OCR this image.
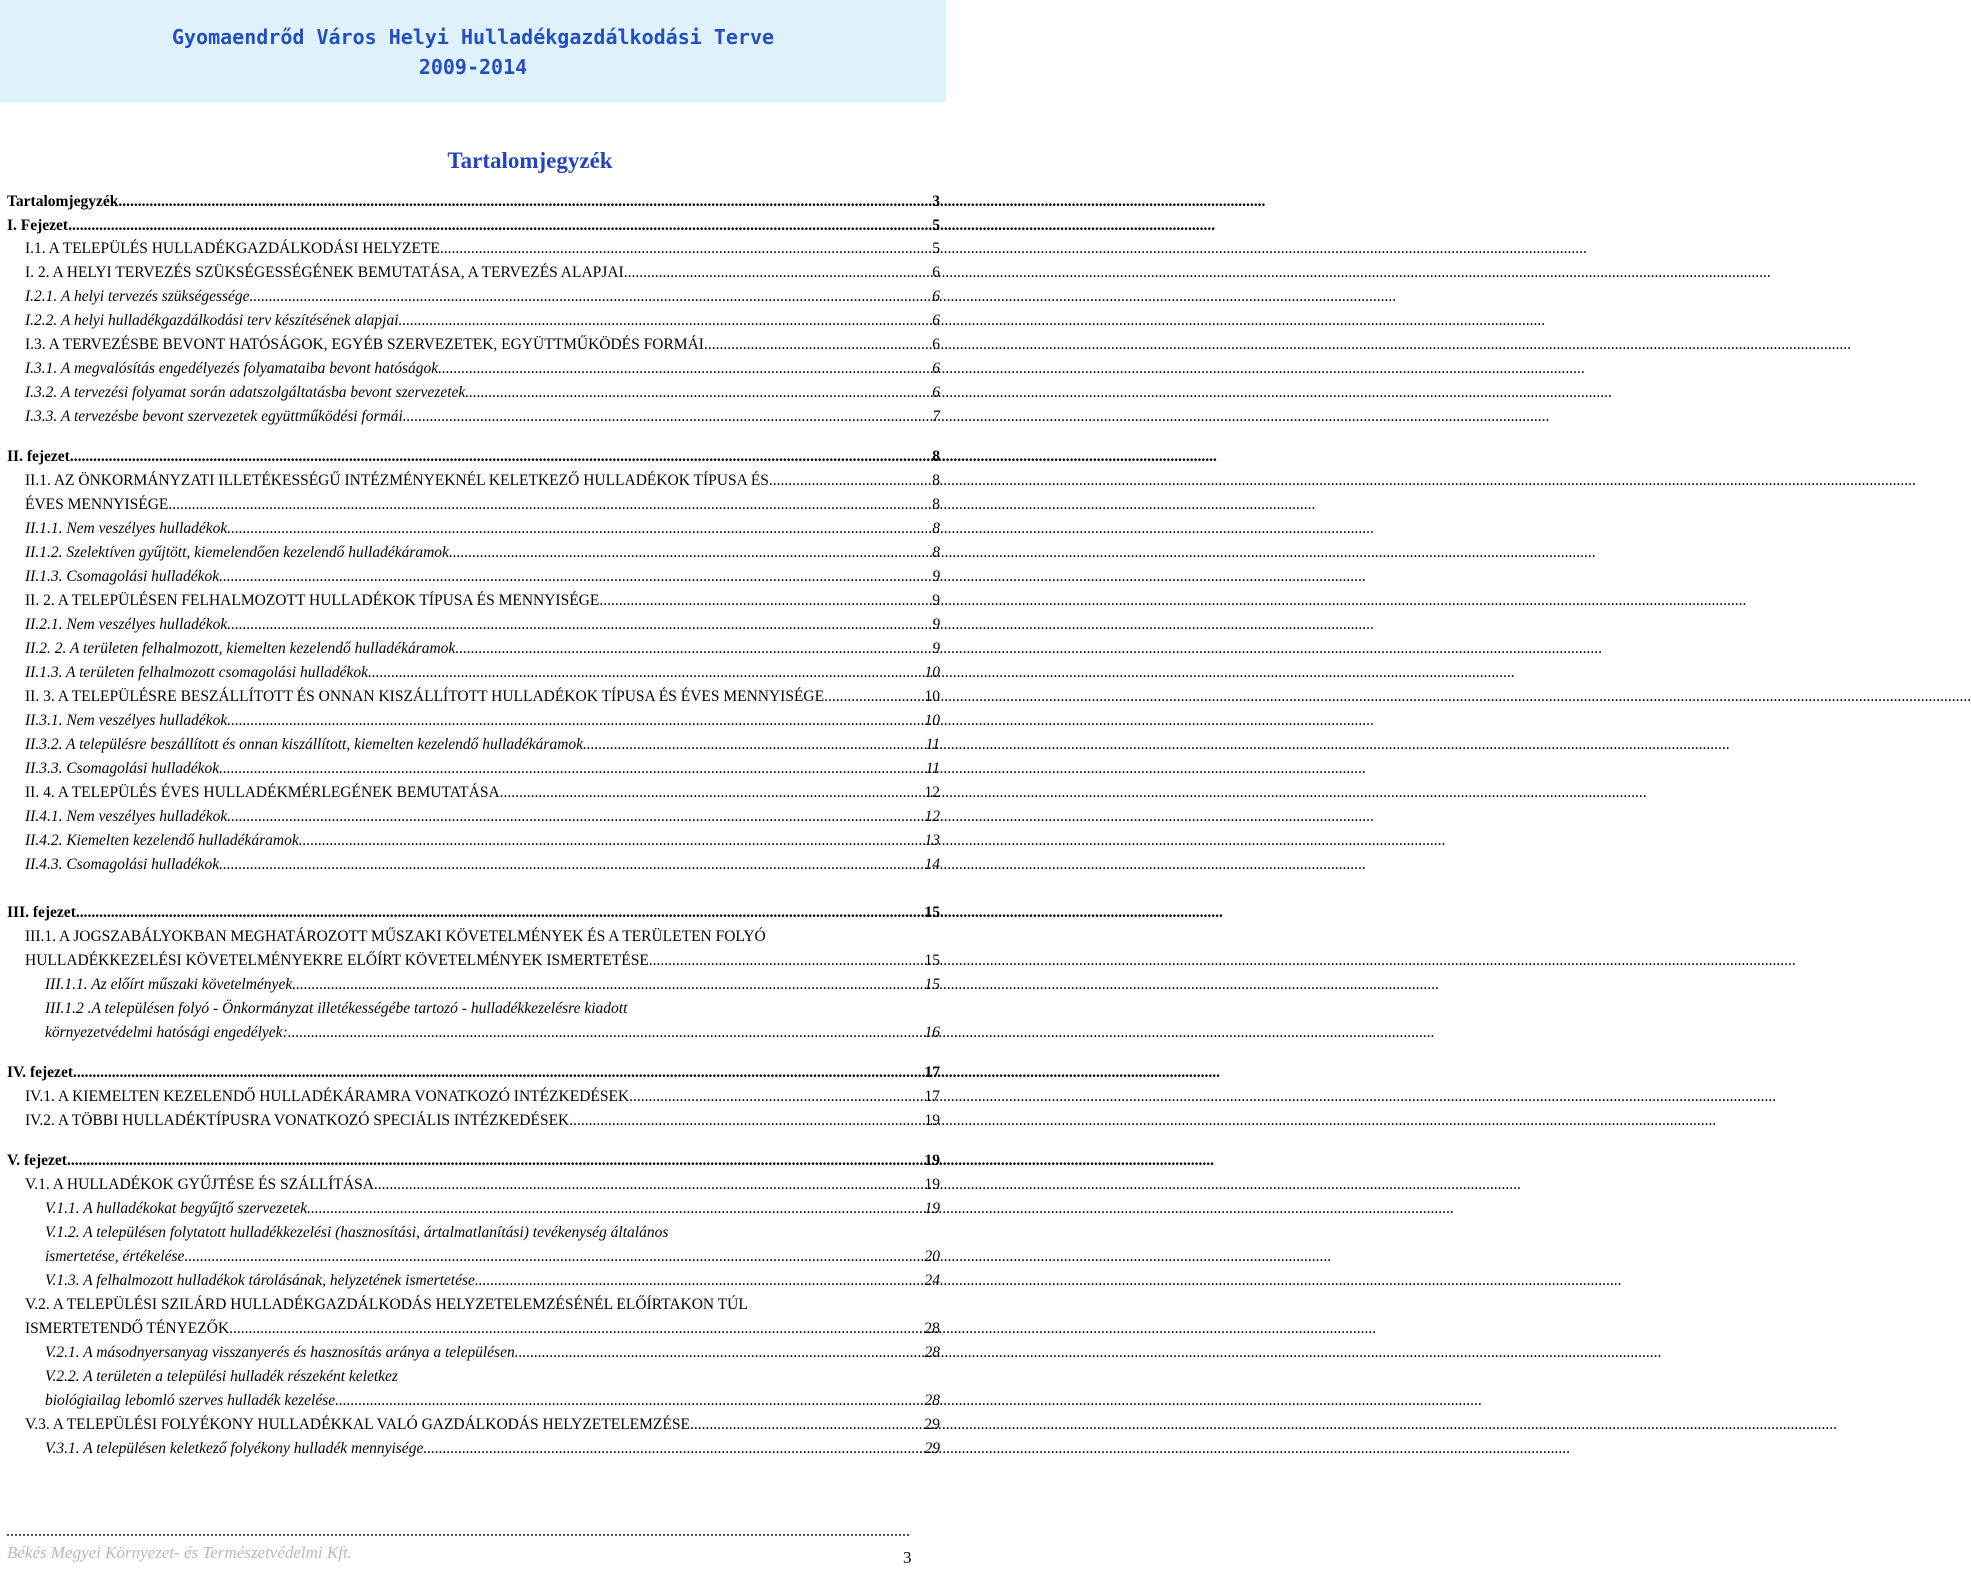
Gyomaendrőd Város Helyi Hulladékgazdálkodási Terve
2009-2014
Tartalomjegyzék
Tartalomjegyzék .....	3
I. Fejezet .....	5
I.1. A TELEPÜLÉS HULLADÉKGAZDÁLKODÁSI HELYZETE .....	5
I. 2. A HELYI TERVEZÉS SZÜKSÉGESSÉGÉNEK BEMUTATÁSA, A TERVEZÉS ALAPJAI .....	6
I.2.1. A helyi tervezés szükségessége .....	6
I.2.2. A helyi hulladékgazdálkodási terv készítésének alapjai .....	6
I.3. A TERVEZÉSBE BEVONT HATÓSÁGOK, EGYÉB SZERVEZETEK, EGYÜTTMŰKÖDÉS FORMÁI .....	6
I.3.1. A megvalósítás engedélyezés folyamataiba bevont hatóságok .....	6
I.3.2. A tervezési folyamat során adatszolgáltatásba bevont szervezetek .....	6
I.3.3. A tervezésbe bevont szervezetek együttműködési formái .....	7
II. fejezet .....	8
II.1. AZ ÖNKORMÁNYZATI ILLETÉKESSÉGŰ INTÉZMÉNYEKNÉL KELETKEZŐ HULLADÉKOK TÍPUSA ÉS .....	8
ÉVES MENNYISÉGE .....	8
II.1.1. Nem veszélyes hulladékok .....	8
II.1.2. Szelektíven gyűjtött, kiemelendően kezelendő hulladékáramok .....	8
II.1.3. Csomagolási hulladékok .....	9
II. 2. A TELEPÜLÉSEN FELHALMOZOTT HULLADÉKOK TÍPUSA ÉS MENNYISÉGE .....	9
II.2.1. Nem veszélyes hulladékok .....	9
II.2. 2. A területen felhalmozott, kiemelten kezelendő hulladékáramok .....	9
II.1.3. A területen felhalmozott csomagolási hulladékok .....	10
II. 3. A TELEPÜLÉSRE BESZÁLLÍTOTT ÉS ONNAN KISZÁLLÍTOTT HULLADÉKOK TÍPUSA ÉS ÉVES MENNYISÉGE .....	10
II.3.1. Nem veszélyes hulladékok .....	10
II.3.2. A településre beszállított és onnan kiszállított, kiemelten kezelendő hulladékáramok .....	11
II.3.3. Csomagolási hulladékok .....	11
II. 4. A TELEPÜLÉS ÉVES HULLADÉKMÉRLEGÉNEK BEMUTATÁSA .....	12
II.4.1. Nem veszélyes hulladékok .....	12
II.4.2. Kiemelten kezelendő hulladékáramok .....	13
II.4.3. Csomagolási hulladékok .....	14
III. fejezet .....	15
III.1. A JOGSZABÁLYOKBAN MEGHATÁROZOTT MŰSZAKI KÖVETELMÉNYEK ÉS A TERÜLETEN FOLYÓ
HULLADÉKKEZELÉSI KÖVETELMÉNYEKRE ELŐÍRT KÖVETELMÉNYEK ISMERTETÉSE .....	15
III.1.1. Az előírt műszaki követelmények .....	15
III.1.2 .A településen folyó - Önkormányzat illetékességébe tartozó - hulladékkezelésre kiadott
környezetvédelmi hatósági engedélyek: .....	16
IV. fejezet .....	17
IV.1. A KIEMELTEN KEZELENDŐ HULLADÉKÁRAMRA VONATKOZÓ INTÉZKEDÉSEK .....	17
IV.2. A TÖBBI HULLADÉKTÍPUSRA VONATKOZÓ SPECIÁLIS INTÉZKEDÉSEK .....	19
V. fejezet .....	19
V.1. A HULLADÉKOK GYŰJTÉSE ÉS SZÁLLÍTÁSA .....	19
V.1.1. A hulladékokat begyűjtő szervezetek .....	19
V.1.2. A településen folytatott hulladékkezelési (hasznosítási, ártalmatlanítási) tevékenység általános
ismertetése, értékelése .....	20
V.1.3. A felhalmozott hulladékok tárolásának, helyzetének ismertetése .....	24
V.2. A TELEPÜLÉSI SZILÁRD HULLADÉKGAZDÁLKODÁS HELYZETELEMZÉSÉNÉL ELŐÍRTAKON TÚL
ISMERTETENDŐ TÉNYEZŐK .....	28
V.2.1. A másodnyersanyag visszanyerés és hasznosítás aránya a településen .....	28
V.2.2. A területen a települési hulladék részeként keletkez
biológiailag lebomló szerves hulladék kezelése .....	28
V.3. A TELEPÜLÉSI FOLYÉKONY HULLADÉKKAL VALÓ GAZDÁLKODÁS HELYZETELEMZÉSE .....	29
V.3.1. A településen keletkező folyékony hulladék mennyisége .....	29
Békés Megyei Környezet- és Természetvédelmi Kft.	3
